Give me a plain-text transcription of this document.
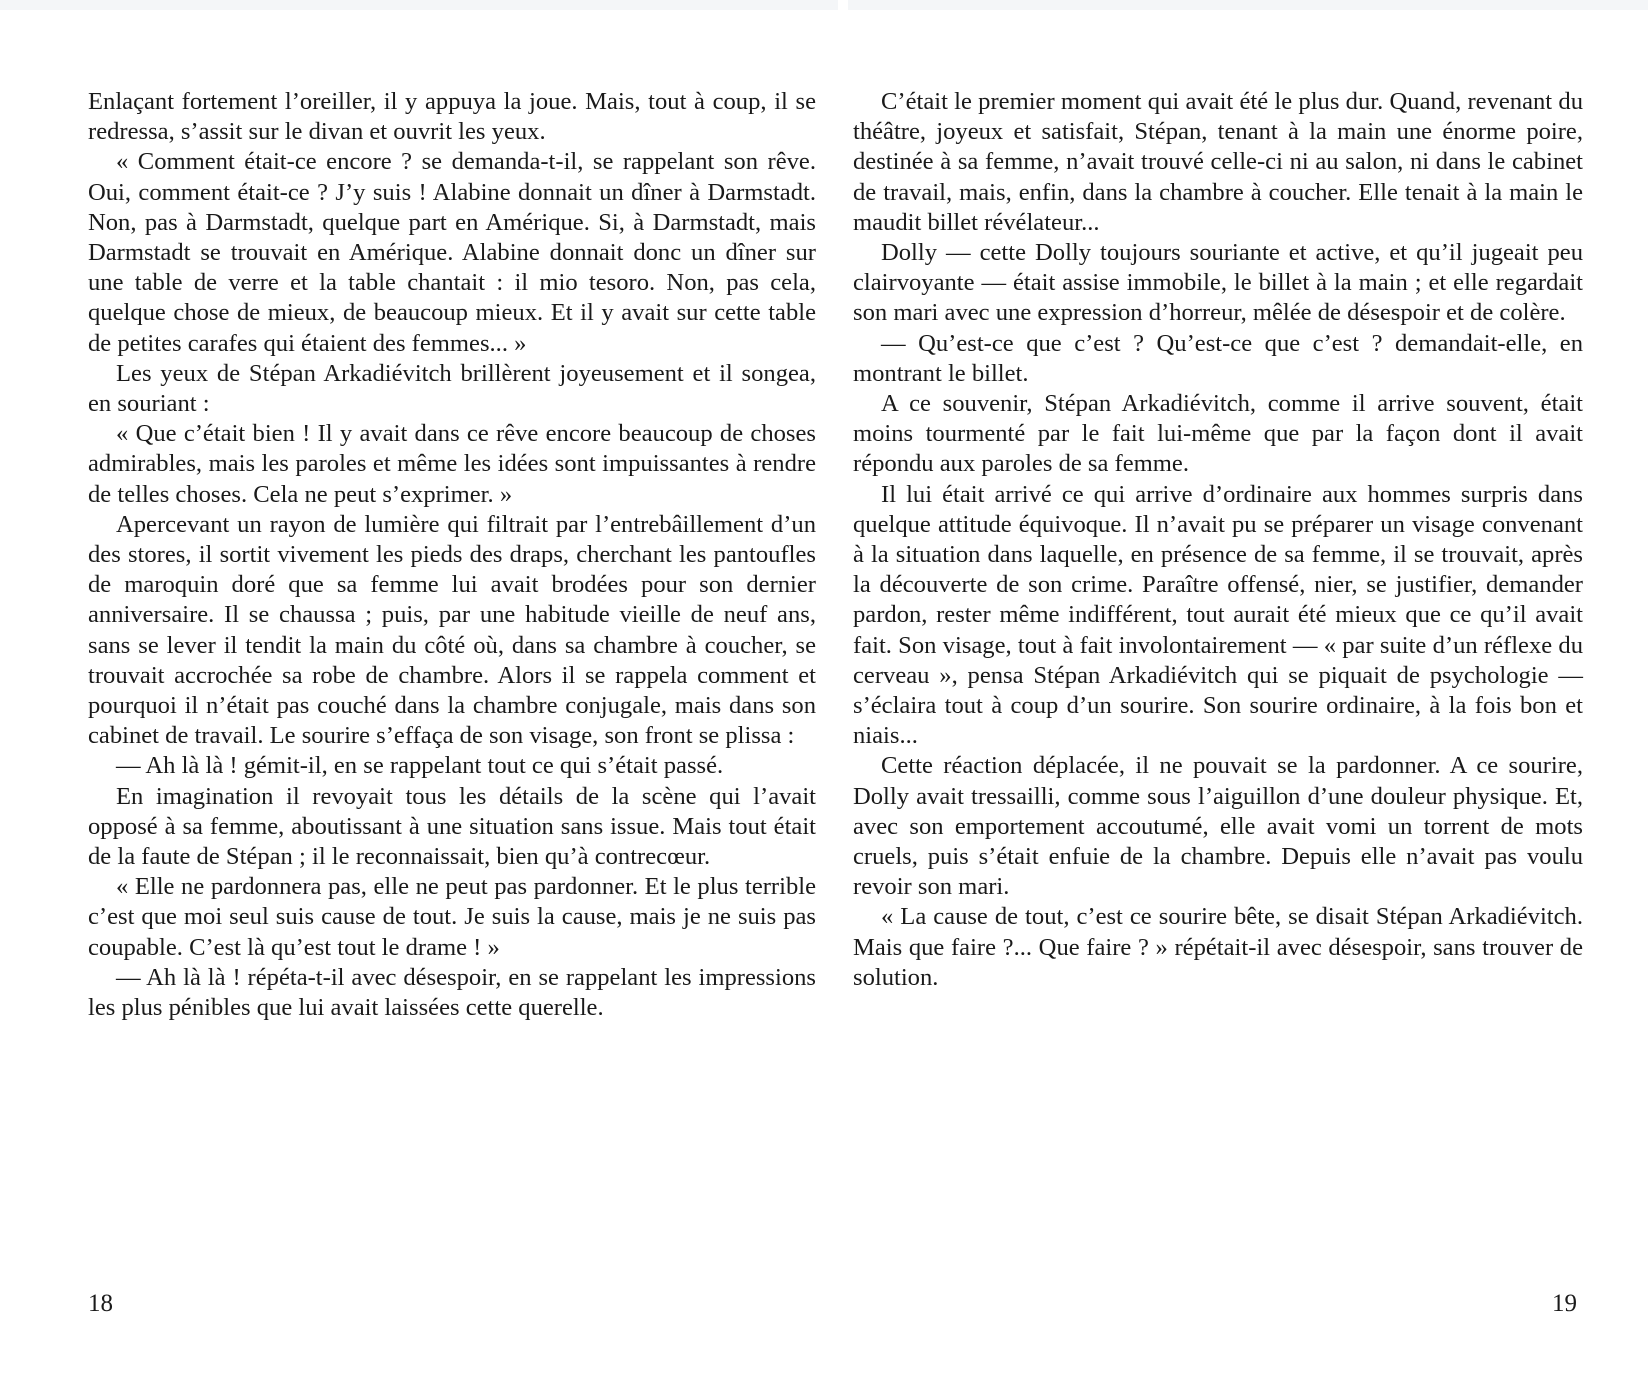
Enlaçant fortement l’oreiller, il y appuya la joue. Mais, tout à coup, il se redressa, s’assit sur le divan et ouvrit les yeux.

« Comment était-ce encore ? se demanda-t-il, se rappelant son rêve. Oui, comment était-ce ? J’y suis ! Alabine donnait un dîner à Darmstadt. Non, pas à Darmstadt, quelque part en Amérique. Si, à Darmstadt, mais Darmstadt se trouvait en Amérique. Alabine donnait donc un dîner sur une table de verre et la table chantait : il mio tesoro. Non, pas cela, quelque chose de mieux, de beaucoup mieux. Et il y avait sur cette table de petites carafes qui étaient des femmes... »

Les yeux de Stépan Arkadiévitch brillèrent joyeusement et il songea, en souriant :

« Que c’était bien ! Il y avait dans ce rêve encore beaucoup de choses admirables, mais les paroles et même les idées sont impuissantes à rendre de telles choses. Cela ne peut s’exprimer. »

Apercevant un rayon de lumière qui filtrait par l’entrebâillement d’un des stores, il sortit vivement les pieds des draps, cherchant les pantoufles de maroquin doré que sa femme lui avait brodées pour son dernier anniversaire. Il se chaussa ; puis, par une habitude vieille de neuf ans, sans se lever il tendit la main du côté où, dans sa chambre à coucher, se trouvait accrochée sa robe de chambre. Alors il se rappela comment et pourquoi il n’était pas couché dans la chambre conjugale, mais dans son cabinet de travail. Le sourire s’effaça de son visage, son front se plissa :

— Ah là là ! gémit-il, en se rappelant tout ce qui s’était passé.

En imagination il revoyait tous les détails de la scène qui l’avait opposé à sa femme, aboutissant à une situation sans issue. Mais tout était de la faute de Stépan ; il le reconnaissait, bien qu’à contrecœur.

« Elle ne pardonnera pas, elle ne peut pas pardonner. Et le plus terrible c’est que moi seul suis cause de tout. Je suis la cause, mais je ne suis pas coupable. C’est là qu’est tout le drame ! »

— Ah là là ! répéta-t-il avec désespoir, en se rappelant les impressions les plus pénibles que lui avait laissées cette querelle.

C’était le premier moment qui avait été le plus dur. Quand, revenant du théâtre, joyeux et satisfait, Stépan, tenant à la main une énorme poire, destinée à sa femme, n’avait trouvé celle-ci ni au salon, ni dans le cabinet de travail, mais, enfin, dans la chambre à coucher. Elle tenait à la main le maudit billet révélateur...

Dolly — cette Dolly toujours souriante et active, et qu’il jugeait peu clairvoyante — était assise immobile, le billet à la main ; et elle regardait son mari avec une expression d’horreur, mêlée de désespoir et de colère.

— Qu’est-ce que c’est ? Qu’est-ce que c’est ? demandait-elle, en montrant le billet.

A ce souvenir, Stépan Arkadiévitch, comme il arrive souvent, était moins tourmenté par le fait lui-même que par la façon dont il avait répondu aux paroles de sa femme.

Il lui était arrivé ce qui arrive d’ordinaire aux hommes surpris dans quelque attitude équivoque. Il n’avait pu se préparer un visage convenant à la situation dans laquelle, en présence de sa femme, il se trouvait, après la découverte de son crime. Paraître offensé, nier, se justifier, demander pardon, rester même indifférent, tout aurait été mieux que ce qu’il avait fait. Son visage, tout à fait involontairement — « par suite d’un réflexe du cerveau », pensa Stépan Arkadiévitch qui se piquait de psychologie — s’éclaira tout à coup d’un sourire. Son sourire ordinaire, à la fois bon et niais...

Cette réaction déplacée, il ne pouvait se la pardonner. A ce sourire, Dolly avait tressailli, comme sous l’aiguillon d’une douleur physique. Et, avec son emportement accoutumé, elle avait vomi un torrent de mots cruels, puis s’était enfuie de la chambre. Depuis elle n’avait pas voulu revoir son mari.

« La cause de tout, c’est ce sourire bête, se disait Stépan Arkadiévitch. Mais que faire ?... Que faire ? » répétait-il avec désespoir, sans trouver de solution.

18	19
